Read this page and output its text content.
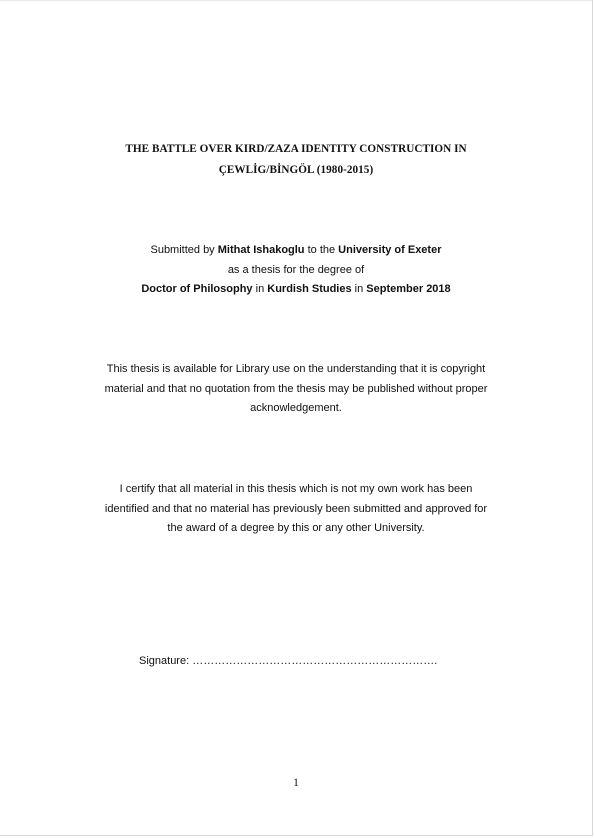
THE BATTLE OVER KIRD/ZAZA IDENTITY CONSTRUCTION IN
ÇEWLİG/BİNGÖL (1980-2015)
Submitted by Mithat Ishakoglu to the University of Exeter
as a thesis for the degree of
Doctor of Philosophy in Kurdish Studies in September 2018
This thesis is available for Library use on the understanding that it is copyright
material and that no quotation from the thesis may be published without proper
acknowledgement.
I certify that all material in this thesis which is not my own work has been
identified and that no material has previously been submitted and approved for
the award of a degree by this or any other University.
Signature: ………………………………………………………….
1
